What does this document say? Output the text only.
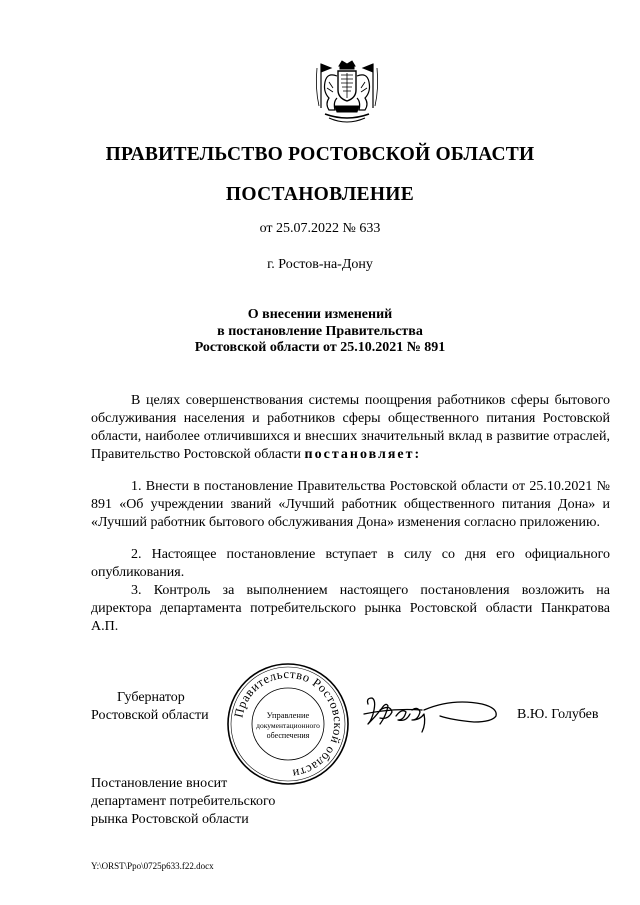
ПРАВИТЕЛЬСТВО РОСТОВСКОЙ ОБЛАСТИ
ПОСТАНОВЛЕНИЕ
от 25.07.2022 № 633
г. Ростов-на-Дону
О внесении изменений
в постановление Правительства
Ростовской области от 25.10.2021 № 891

В целях совершенствования системы поощрения работников сферы бытового обслуживания населения и работников сферы общественного питания Ростовской области, наиболее отличившихся и внесших значительный вклад в развитие отраслей, Правительство Ростовской области постановляет:

1. Внести в постановление Правительства Ростовской области от 25.10.2021 № 891 «Об учреждении званий «Лучший работник общественного питания Дона» и «Лучший работник бытового обслуживания Дона» изменения согласно приложению.

2. Настоящее постановление вступает в силу со дня его официального опубликования.

3. Контроль за выполнением настоящего постановления возложить на директора департамента потребительского рынка Ростовской области Панкратова А.П.

Губернатор
Ростовской области Правительство Ростовской области
Управление
документационного
обеспечения
В.Ю. Голубев
Постановление вносит
департамент потребительского
рынка Ростовской области
Y:\ORST\Ppo\0725p633.f22.docx
